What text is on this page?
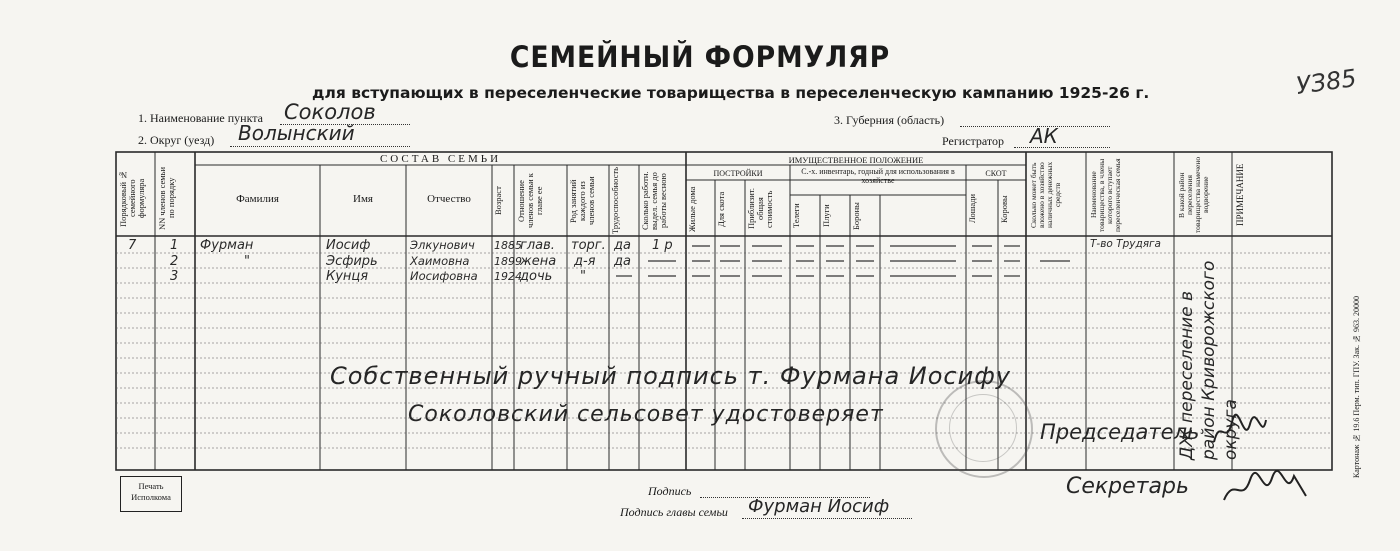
СЕМЕЙНЫЙ ФОРМУЛЯР
для вступающих в переселенческие товарищества в переселенческую кампанию 1925-26 г.	УЗ85
1. Наименование пункта Соколов
2. Округ (уезд) Волынский
3. Губерния (область)
Регистратор АК
Порядковый № семейного формуляра	NN членов семьи по порядку
СОСТАВ СЕМЬИ
Фамилия	Имя	Отчество	Возраст	Отношение членов семьи к главе ее	Род занятий каждого из членов семьи	Трудоспособность	Сколько работн. выдел. семья до работы весною
ИМУЩЕСТВЕННОЕ ПОЛОЖЕНИЕ
ПОСТРОЙКИ
Жилые дома	Для скота	Приблизит. общая стоимость
С.-х. инвентарь, годный для использования в хозяйстве
Телеги	Плуги	Бороны
СКОТ
Лошади	Коровы	Сколько может быть вложено в хозяйство наличных денежных средств	Наименование товарищества, в члены которого вступает переселенческая семья	В какой район переселения товарищества намечено водворение	ПРИМЕЧАНИЕ
7	1 Фурман	Иосиф	Элкунович 1885
глав. торг. да 1 р	Т-во Трудяга
2	"	Эсфирь	Хаимовна 1899
жена д-я да
3	Кунця	Иосифовна 1924
дочь "
ДЖ переселение в район Криворожского округа
Собственный ручный подпись т. Фурмана Иосифу
Соколовский сельсовет удостоверяет
Председатель
Секретарь
Печать Исполкома	Подпись
Подпись главы семьи Фурман Иосиф
Картонаж № 19.6 Перм. тип. ГПУ. Зак. № 963. 20000
